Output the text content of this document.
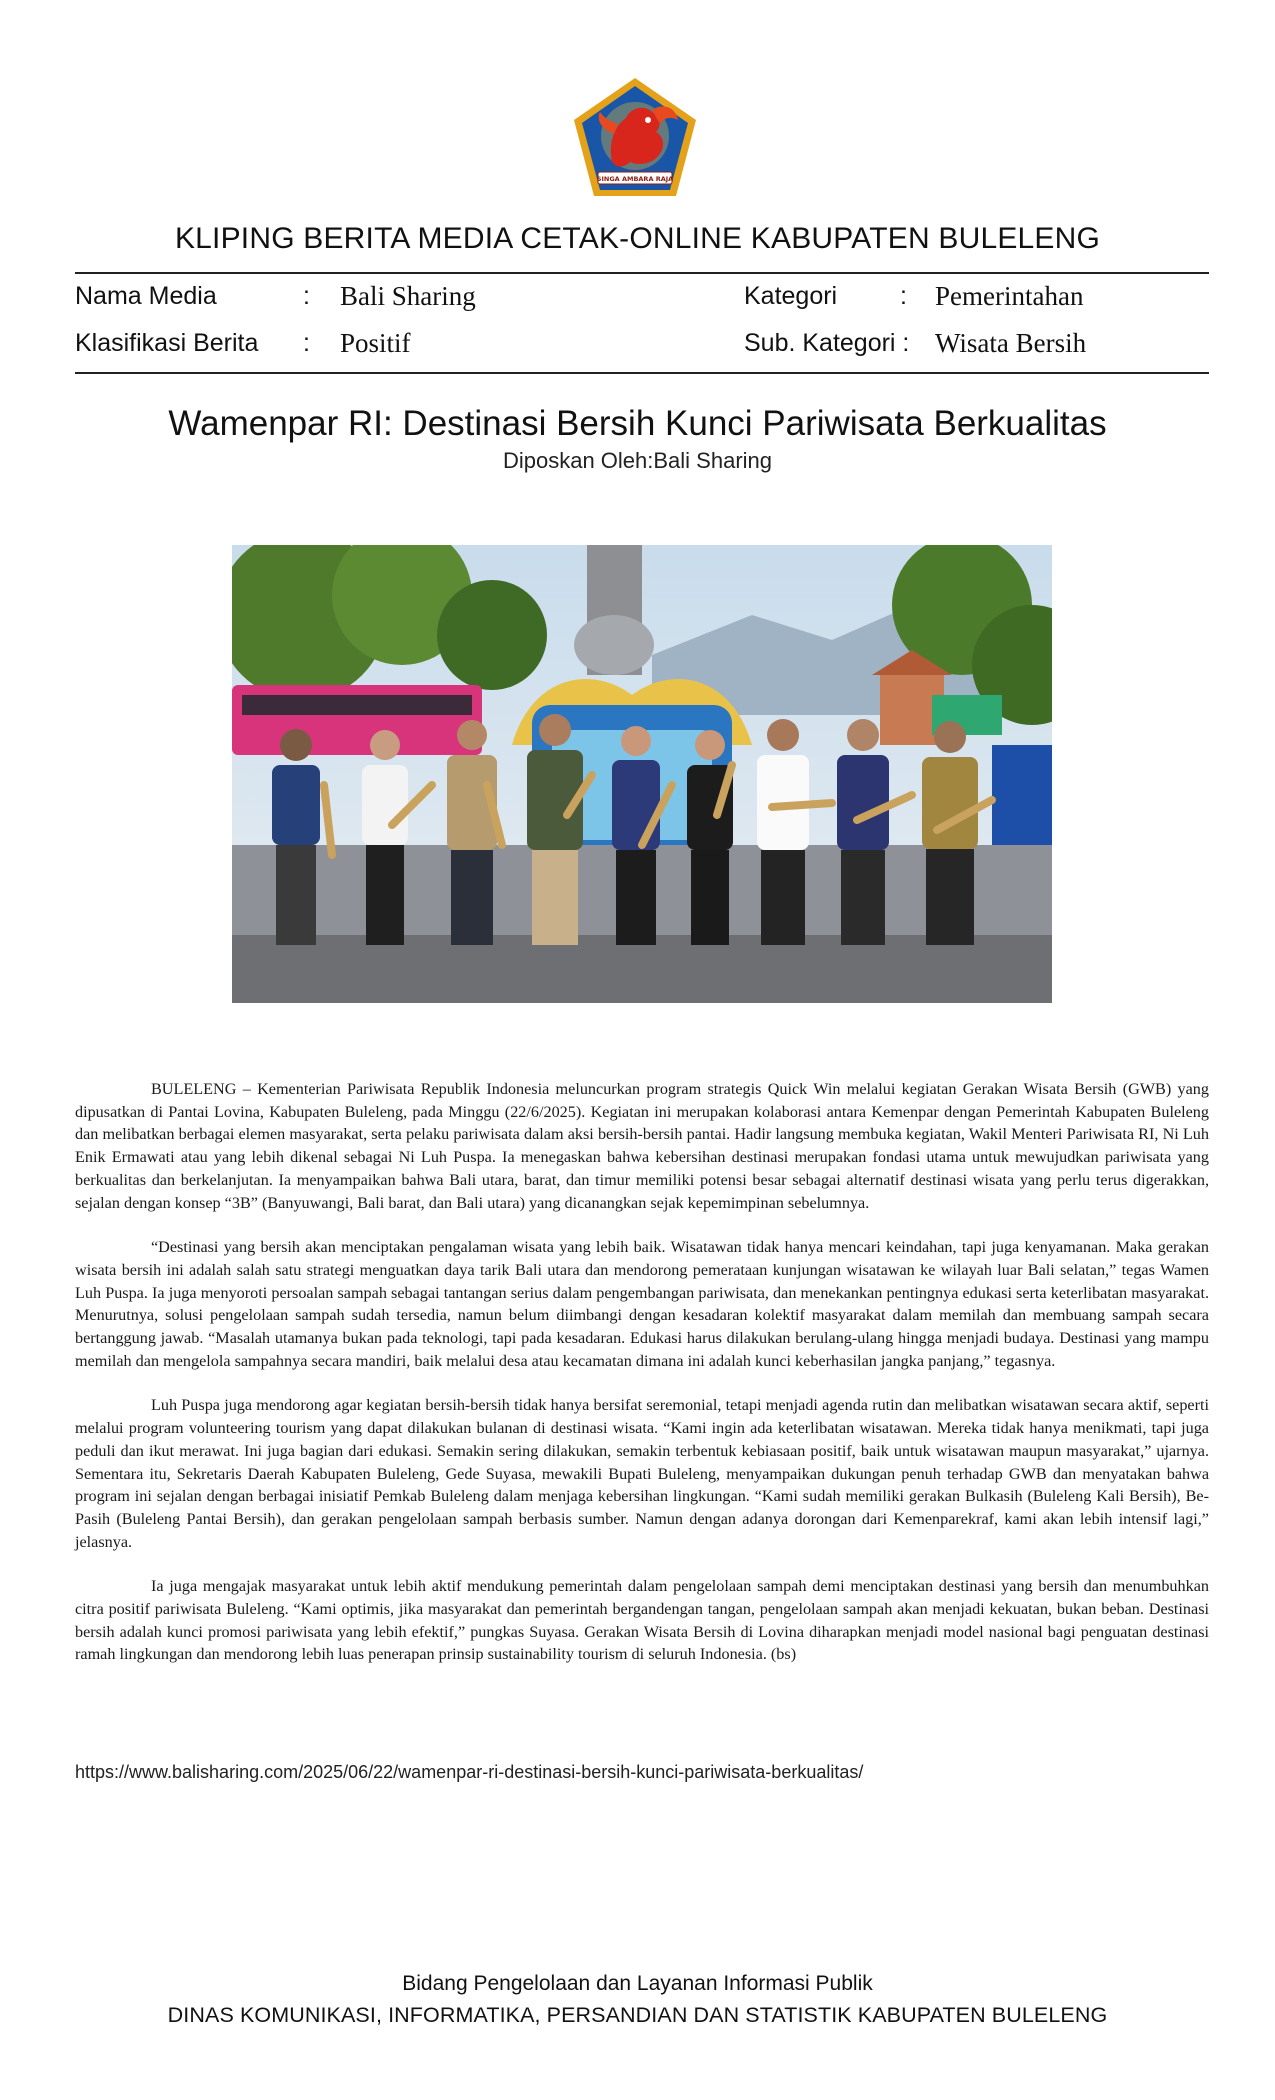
SINGA AMBARA RAJA
KLIPING BERITA MEDIA CETAK-ONLINE KABUPATEN BULELENG
Nama Media	: Bali Sharing
Klasifikasi Berita : Positif
Kategori	: Pemerintahan
Sub. Kategori : Wisata Bersih
Wamenpar RI: Destinasi Bersih Kunci Pariwisata Berkualitas
Diposkan Oleh:Bali Sharing

BULELENG – Kementerian Pariwisata Republik Indonesia meluncurkan program strategis Quick Win melalui kegiatan Gerakan Wisata Bersih (GWB) yang dipusatkan di Pantai Lovina, Kabupaten Buleleng, pada Minggu (22/6/2025). Kegiatan ini merupakan kolaborasi antara Kemenpar dengan Pemerintah Kabupaten Buleleng dan melibatkan berbagai elemen masyarakat, serta pelaku pariwisata dalam aksi bersih-bersih pantai. Hadir langsung membuka kegiatan, Wakil Menteri Pariwisata RI, Ni Luh Enik Ermawati atau yang lebih dikenal sebagai Ni Luh Puspa. Ia menegaskan bahwa kebersihan destinasi merupakan fondasi utama untuk mewujudkan pariwisata yang berkualitas dan berkelanjutan. Ia menyampaikan bahwa Bali utara, barat, dan timur memiliki potensi besar sebagai alternatif destinasi wisata yang perlu terus digerakkan, sejalan dengan konsep “3B” (Banyuwangi, Bali barat, dan Bali utara) yang dicanangkan sejak kepemimpinan sebelumnya.

“Destinasi yang bersih akan menciptakan pengalaman wisata yang lebih baik. Wisatawan tidak hanya mencari keindahan, tapi juga kenyamanan. Maka gerakan wisata bersih ini adalah salah satu strategi menguatkan daya tarik Bali utara dan mendorong pemerataan kunjungan wisatawan ke wilayah luar Bali selatan,” tegas Wamen Luh Puspa. Ia juga menyoroti persoalan sampah sebagai tantangan serius dalam pengembangan pariwisata, dan menekankan pentingnya edukasi serta keterlibatan masyarakat. Menurutnya, solusi pengelolaan sampah sudah tersedia, namun belum diimbangi dengan kesadaran kolektif masyarakat dalam memilah dan membuang sampah secara bertanggung jawab. “Masalah utamanya bukan pada teknologi, tapi pada kesadaran. Edukasi harus dilakukan berulang-ulang hingga menjadi budaya. Destinasi yang mampu memilah dan mengelola sampahnya secara mandiri, baik melalui desa atau kecamatan dimana ini adalah kunci keberhasilan jangka panjang,” tegasnya.

Luh Puspa juga mendorong agar kegiatan bersih-bersih tidak hanya bersifat seremonial, tetapi menjadi agenda rutin dan melibatkan wisatawan secara aktif, seperti melalui program volunteering tourism yang dapat dilakukan bulanan di destinasi wisata. “Kami ingin ada keterlibatan wisatawan. Mereka tidak hanya menikmati, tapi juga peduli dan ikut merawat. Ini juga bagian dari edukasi. Semakin sering dilakukan, semakin terbentuk kebiasaan positif, baik untuk wisatawan maupun masyarakat,” ujarnya. Sementara itu, Sekretaris Daerah Kabupaten Buleleng, Gede Suyasa, mewakili Bupati Buleleng, menyampaikan dukungan penuh terhadap GWB dan menyatakan bahwa program ini sejalan dengan berbagai inisiatif Pemkab Buleleng dalam menjaga kebersihan lingkungan. “Kami sudah memiliki gerakan Bulkasih (Buleleng Kali Bersih), Be-Pasih (Buleleng Pantai Bersih), dan gerakan pengelolaan sampah berbasis sumber. Namun dengan adanya dorongan dari Kemenparekraf, kami akan lebih intensif lagi,” jelasnya.

Ia juga mengajak masyarakat untuk lebih aktif mendukung pemerintah dalam pengelolaan sampah demi menciptakan destinasi yang bersih dan menumbuhkan citra positif pariwisata Buleleng. “Kami optimis, jika masyarakat dan pemerintah bergandengan tangan, pengelolaan sampah akan menjadi kekuatan, bukan beban. Destinasi bersih adalah kunci promosi pariwisata yang lebih efektif,” pungkas Suyasa. Gerakan Wisata Bersih di Lovina diharapkan menjadi model nasional bagi penguatan destinasi ramah lingkungan dan mendorong lebih luas penerapan prinsip sustainability tourism di seluruh Indonesia. (bs)

https://www.balisharing.com/2025/06/22/wamenpar-ri-destinasi-bersih-kunci-pariwisata-berkualitas/
Bidang Pengelolaan dan Layanan Informasi Publik
DINAS KOMUNIKASI, INFORMATIKA, PERSANDIAN DAN STATISTIK KABUPATEN BULELENG
